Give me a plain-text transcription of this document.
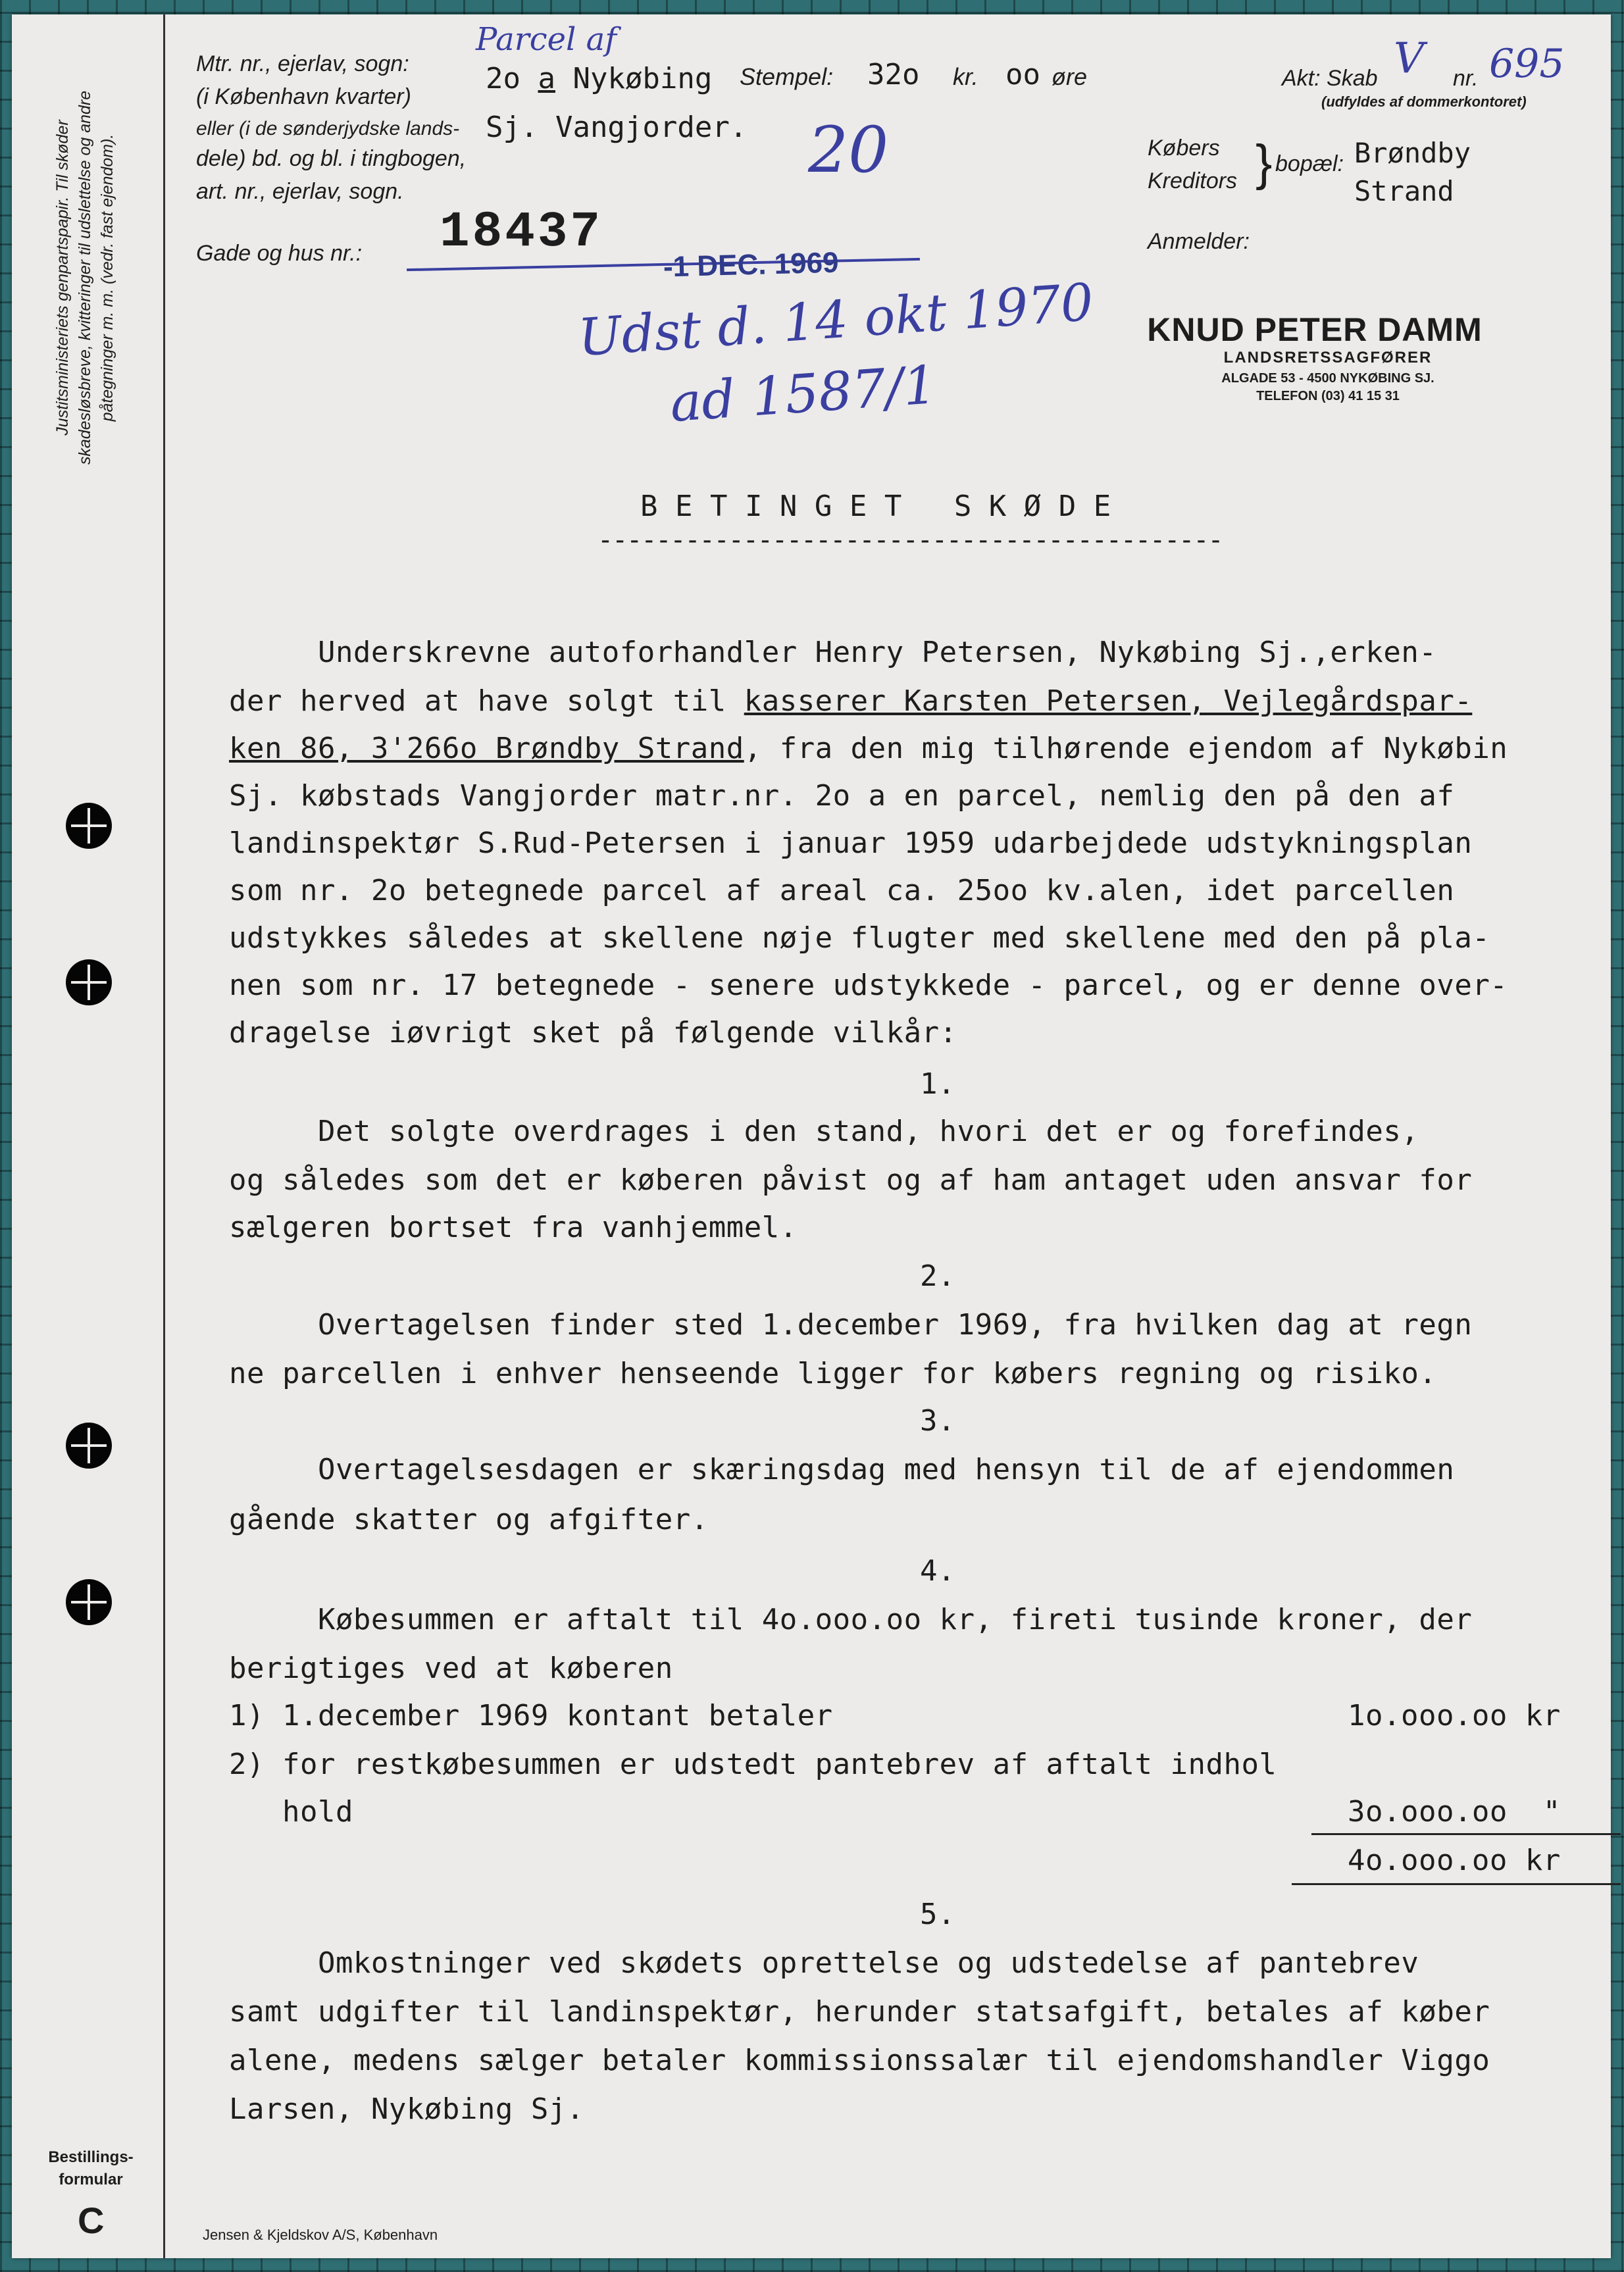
Justitsministeriets genpartspapir. Til skøder skadesløsbreve, kvitteringer til udslettelse og andre påtegninger m. m. (vedr. fast ejendom).
Bestillings-
formular
C
Mtr. nr., ejerlav, sogn:
(i København kvarter)
eller (i de sønderjydske lands-
dele) bd. og bl. i tingbogen,
art. nr., ejerlav, sogn.
Gade og hus nr.:
2o a Nykøbing
Sj. Vangjorder.
Parcel af
20
18437
Stempel: 32o kr. oo øre	Akt: Skab V nr. 695
(udfyldes af dommerkontoret)
Købers
Kreditors } bopæl: Brøndby
Strand
Anmelder:
-1 DEC. 1969
Udst d. 14 okt 1970
ad 1587/1
KNUD PETER DAMM
LANDSRETSSAGFØRER
ALGADE 53 - 4500 NYKØBING SJ.
TELEFON (03) 41 15 31
B E T I N G E T   S K Ø D E
-------------------------------------------
Underskrevne autoforhandler Henry Petersen, Nykøbing Sj.,erken-
der herved at have solgt til kasserer Karsten Petersen, Vejlegårdspar-
ken 86, 3'266o Brøndby Strand, fra den mig tilhørende ejendom af Nykøbin
Sj. købstads Vangjorder matr.nr. 2o a en parcel, nemlig den på den af
landinspektør S.Rud-Petersen i januar 1959 udarbejdede udstykningsplan
som nr. 2o betegnede parcel af areal ca. 25oo kv.alen, idet parcellen
udstykkes således at skellene nøje flugter med skellene med den på pla-
nen som nr. 17 betegnede - senere udstykkede - parcel, og er denne over-
dragelse iøvrigt sket på følgende vilkår:
1.
Det solgte overdrages i den stand, hvori det er og forefindes,
og således som det er køberen påvist og af ham antaget uden ansvar for
sælgeren bortset fra vanhjemmel.
2.
Overtagelsen finder sted 1.december 1969, fra hvilken dag at regn
ne parcellen i enhver henseende ligger for købers regning og risiko.
3.
Overtagelsesdagen er skæringsdag med hensyn til de af ejendommen
gående skatter og afgifter.
4.
Købesummen er aftalt til 4o.ooo.oo kr, fireti tusinde kroner, der
berigtiges ved at køberen
1) 1.december 1969 kontant betaler	1o.ooo.oo kr
2) for restkøbesummen er udstedt pantebrev af aftalt indhol
hold	3o.ooo.oo  "
4o.ooo.oo kr
5.
Omkostninger ved skødets oprettelse og udstedelse af pantebrev
samt udgifter til landinspektør, herunder statsafgift, betales af køber
alene, medens sælger betaler kommissionssalær til ejendomshandler Viggo
Larsen, Nykøbing Sj.
Jensen & Kjeldskov A/S, København
